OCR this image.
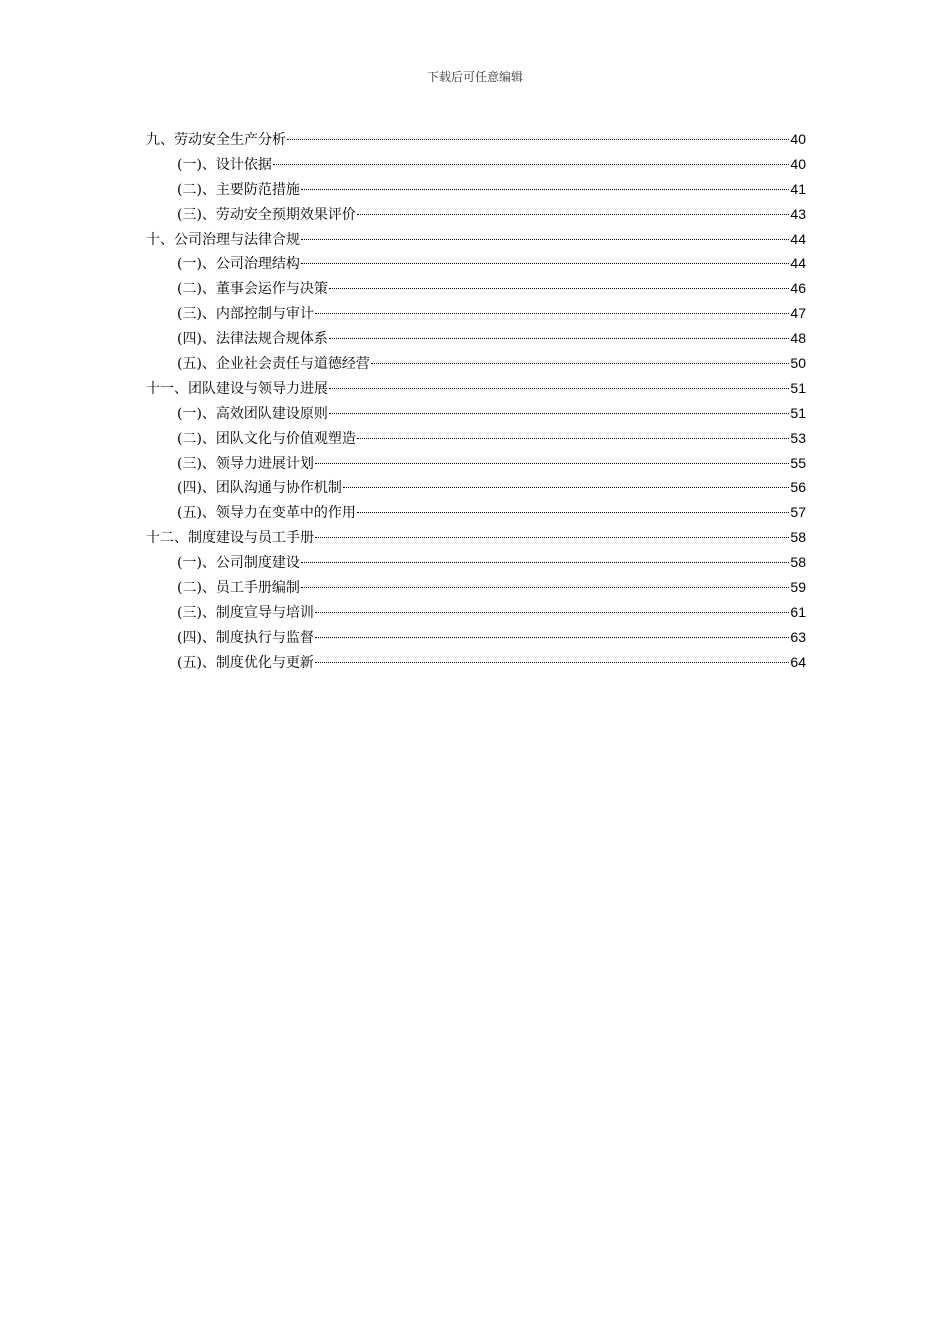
下载后可任意编辑
九、劳动安全生产分析	40
(一)、设计依据	40
(二)、主要防范措施	41
(三)、劳动安全预期效果评价	43
十、公司治理与法律合规	44
(一)、公司治理结构	44
(二)、董事会运作与决策	46
(三)、内部控制与审计	47
(四)、法律法规合规体系	48
(五)、企业社会责任与道德经营	50
十一、团队建设与领导力进展	51
(一)、高效团队建设原则	51
(二)、团队文化与价值观塑造	53
(三)、领导力进展计划	55
(四)、团队沟通与协作机制	56
(五)、领导力在变革中的作用	57
十二、制度建设与员工手册	58
(一)、公司制度建设	58
(二)、员工手册编制	59
(三)、制度宣导与培训	61
(四)、制度执行与监督	63
(五)、制度优化与更新	64
